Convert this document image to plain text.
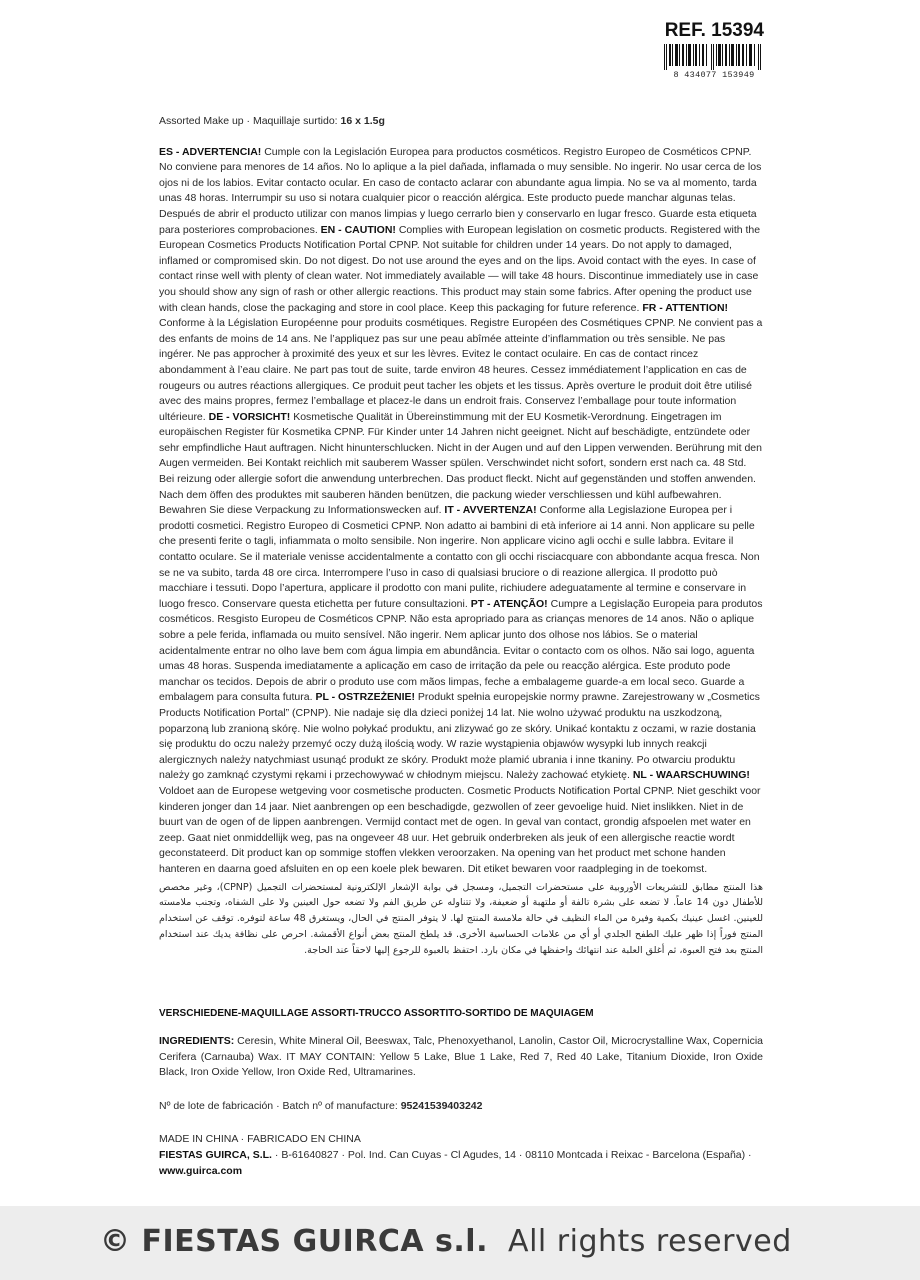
REF. 15394
8 434077 153949

Assorted Make up · Maquillaje surtido: 16 x 1.5g

ES - ADVERTENCIA! Cumple con la Legislación Europea para productos cosméticos. Registro Europeo de Cosméticos CPNP. No conviene para menores de 14 años. No lo aplique a la piel dañada, inflamada o muy sensible. No ingerir. No usar cerca de los ojos ni de los labios. Evitar contacto ocular. En caso de contacto aclarar con abundante agua limpia. No se va al momento, tarda unas 48 horas. Interrumpir su uso si notara cualquier picor o reacción alérgica. Este producto puede manchar algunas telas. Después de abrir el producto utilizar con manos limpias y luego cerrarlo bien y conservarlo en lugar fresco. Guarde esta etiqueta para posteriores comprobaciones. EN - CAUTION! Complies with European legislation on cosmetic products. Registered with the European Cosmetics Products Notification Portal CPNP. Not suitable for children under 14 years. Do not apply to damaged, inflamed or compromised skin. Do not digest. Do not use around the eyes and on the lips. Avoid contact with the eyes. In case of contact rinse well with plenty of clean water. Not immediately available — will take 48 hours. Discontinue immediately use in case you should show any sign of rash or other allergic reactions. This product may stain some fabrics. After opening the product use with clean hands, close the packaging and store in cool place. Keep this packaging for future reference. FR - ATTENTION! Conforme à la Législation Européenne pour produits cosmétiques. Registre Européen des Cosmétiques CPNP. Ne convient pas a des enfants de moins de 14 ans. Ne l’appliquez pas sur une peau abîmée atteinte d’inflammation ou très sensible. Ne pas ingérer. Ne pas approcher à proximité des yeux et sur les lèvres. Evitez le contact oculaire. En cas de contact rincez abondamment à l’eau claire. Ne part pas tout de suite, tarde environ 48 heures. Cessez immédiatement l’application en cas de rougeurs ou autres réactions allergiques. Ce produit peut tacher les objets et les tissus. Après overture le produit doit être utilisé avec des mains propres, fermez l’emballage et placez-le dans un endroit frais. Conservez l’emballage pour toute information ultérieure. DE - VORSICHT! Kosmetische Qualität in Übereinstimmung mit der EU Kosmetik-Verordnung. Eingetragen im europäischen Register für Kosmetika CPNP. Für Kinder unter 14 Jahren nicht geeignet. Nicht auf beschädigte, entzündete oder sehr empfindliche Haut auftragen. Nicht hinunterschlucken. Nicht in der Augen und auf den Lippen verwenden. Berührung mit den Augen vermeiden. Bei Kontakt reichlich mit sauberem Wasser spülen. Verschwindet nicht sofort, sondern erst nach ca. 48 Std. Bei reizung oder allergie sofort die anwendung unterbrechen. Das product fleckt. Nicht auf gegenständen und stoffen anwenden. Nach dem öffen des produktes mit sauberen händen benützen, die packung wieder verschliessen und kühl aufbewahren. Bewahren Sie diese Verpackung zu Informationswecken auf. IT - AVVERTENZA! Conforme alla Legislazione Europea per i prodotti cosmetici. Registro Europeo di Cosmetici CPNP. Non adatto ai bambini di età inferiore ai 14 anni. Non applicare su pelle che presenti ferite o tagli, infiammata o molto sensibile. Non ingerire. Non applicare vicino agli occhi e sulle labbra. Evitare il contatto oculare. Se il materiale venisse accidentalmente a contatto con gli occhi risciacquare con abbondante acqua fresca. Non se ne va subito, tarda 48 ore circa. Interrompere l’uso in caso di qualsiasi bruciore o di reazione allergica. Il prodotto può macchiare i tessuti. Dopo l’apertura, applicare il prodotto con mani pulite, richiudere adeguatamente al termine e conservare in luogo fresco. Conservare questa etichetta per future consultazioni. PT - ATENÇÃO! Cumpre a Legislação Europeia para produtos cosméticos. Resgisto Europeu de Cosméticos CPNP. Não esta apropriado para as crianças menores de 14 anos. Não o aplique sobre a pele ferida, inflamada ou muito sensível. Não ingerir. Nem aplicar junto dos olhose nos lábios. Se o material acidentalmente entrar no olho lave bem com água limpia em abundância. Evitar o contacto com os olhos. Não sai logo, aguenta umas 48 horas. Suspenda imediatamente a aplicação em caso de irritação da pele ou reacção alérgica. Este produto pode manchar os tecidos. Depois de abrir o produto use com mãos limpas, feche a embalageme guarde-a em local seco. Guarde a embalagem para consulta futura. PL - OSTRZEŻENIE! Produkt spełnia europejskie normy prawne. Zarejestrowany w „Cosmetics Products Notification Portal” (CPNP). Nie nadaje się dla dzieci poniżej 14 lat. Nie wolno używać produktu na uszkodzoną, poparzoną lub zranioną skórę. Nie wolno połykać produktu, ani zlizywać go ze skóry. Unikać kontaktu z oczami, w razie dostania się produktu do oczu należy przemyć oczy dużą ilością wody. W razie wystąpienia objawów wysypki lub innych reakcji alergicznych należy natychmiast usunąć produkt ze skóry. Produkt może plamić ubrania i inne tkaniny. Po otwarciu produktu należy go zamknąć czystymi rękami i przechowywać w chłodnym miejscu. Należy zachować etykietę. NL - WAARSCHUWING! Voldoet aan de Europese wetgeving voor cosmetische producten. Cosmetic Products Notification Portal CPNP. Niet geschikt voor kinderen jonger dan 14 jaar. Niet aanbrengen op een beschadigde, gezwollen of zeer gevoelige huid. Niet inslikken. Niet in de buurt van de ogen of de lippen aanbrengen. Vermijd contact met de ogen. In geval van contact, grondig afspoelen met water en zeep. Gaat niet onmiddellijk weg, pas na ongeveer 48 uur. Het gebruik onderbreken als jeuk of een allergische reactie wordt geconstateerd. Dit product kan op sommige stoffen vlekken veroorzaken. Na opening van het product met schone handen hanteren en daarna goed afsluiten en op een koele plek bewaren. Dit etiket bewaren voor raadpleging in de toekomst.

هذا المنتج مطابق للتشريعات الأوروبية على مستحضرات التجميل، ومسجل في بوابة الإشعار الإلكترونية لمستحضرات التجميل (CPNP)، وغير مخصص للأطفال دون 14 عاماً. لا تضعه على بشرة تالفة أو ملتهبة أو ضعيفة، ولا تتناوله عن طريق الفم ولا تضعه حول العينين ولا على الشفاه، وتجنب ملامسته للعينين. اغسل عينيك بكمية وفيرة من الماء النظيف في حالة ملامسة المنتج لها. لا يتوفر المنتج في الحال، ويستغرق 48 ساعة لتوفره. توقف عن استخدام المنتج فوراً إذا ظهر عليك الطفح الجلدي أو أي من علامات الحساسية الأخرى. قد يلطخ المنتج بعض أنواع الأقمشة. احرص على نظافة يديك عند استخدام المنتج بعد فتح العبوة، ثم أغلق العلبة عند انتهائك واحفظها في مكان بارد. احتفظ بالعبوة للرجوع إليها لاحقاً عند الحاجة.

VERSCHIEDENE-MAQUILLAGE ASSORTI-TRUCCO ASSORTITO-SORTIDO DE MAQUIAGEM

INGREDIENTS: Ceresin, White Mineral Oil, Beeswax, Talc, Phenoxyethanol, Lanolin, Castor Oil, Microcrystalline Wax, Copernicia Cerifera (Carnauba) Wax. IT MAY CONTAIN: Yellow 5 Lake, Blue 1 Lake, Red 7, Red 40 Lake, Titanium Dioxide, Iron Oxide Black, Iron Oxide Yellow, Iron Oxide Red, Ultramarines.

Nº de lote de fabricación · Batch nº of manufacture: 95241539403242

MADE IN CHINA · FABRICADO EN CHINA

FIESTAS GUIRCA, S.L. · B-61640827 · Pol. Ind. Can Cuyas - Cl Agudes, 14 · 08110 Montcada i Reixac - Barcelona (España) · www.guirca.com

© FIESTAS GUIRCA s.l.  All rights reserved
